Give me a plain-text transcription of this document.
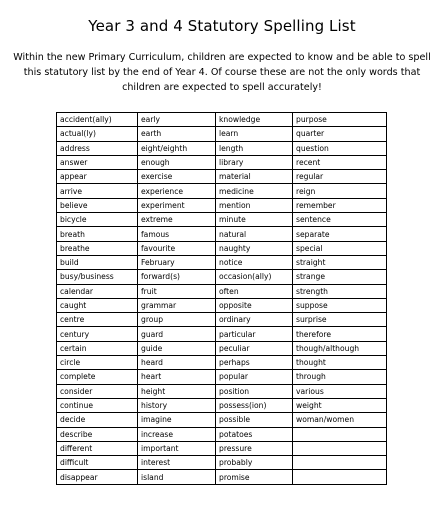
Year 3 and 4 Statutory Spelling List
Within the new Primary Curriculum, children are expected to know and be able to spell this statutory list by the end of Year 4. Of course these are not the only words that children are expected to spell accurately!
accident(ally)	early	knowledge	purpose
actual(ly)	earth	learn	quarter
address	eight/eighth	length	question
answer	enough	library	recent
appear	exercise	material	regular
arrive	experience	medicine	reign
believe	experiment	mention	remember
bicycle	extreme	minute	sentence
breath	famous	natural	separate
breathe	favourite	naughty	special
build	February	notice	straight
busy/business	forward(s)	occasion(ally)	strange
calendar	fruit	often	strength
caught	grammar	opposite	suppose
centre	group	ordinary	surprise
century	guard	particular	therefore
certain	guide	peculiar	though/although
circle	heard	perhaps	thought
complete	heart	popular	through
consider	height	position	various
continue	history	possess(ion)	weight
decide	imagine	possible	woman/women
describe	increase	potatoes	
different	important	pressure	
difficult	interest	probably	
disappear	island	promise	
